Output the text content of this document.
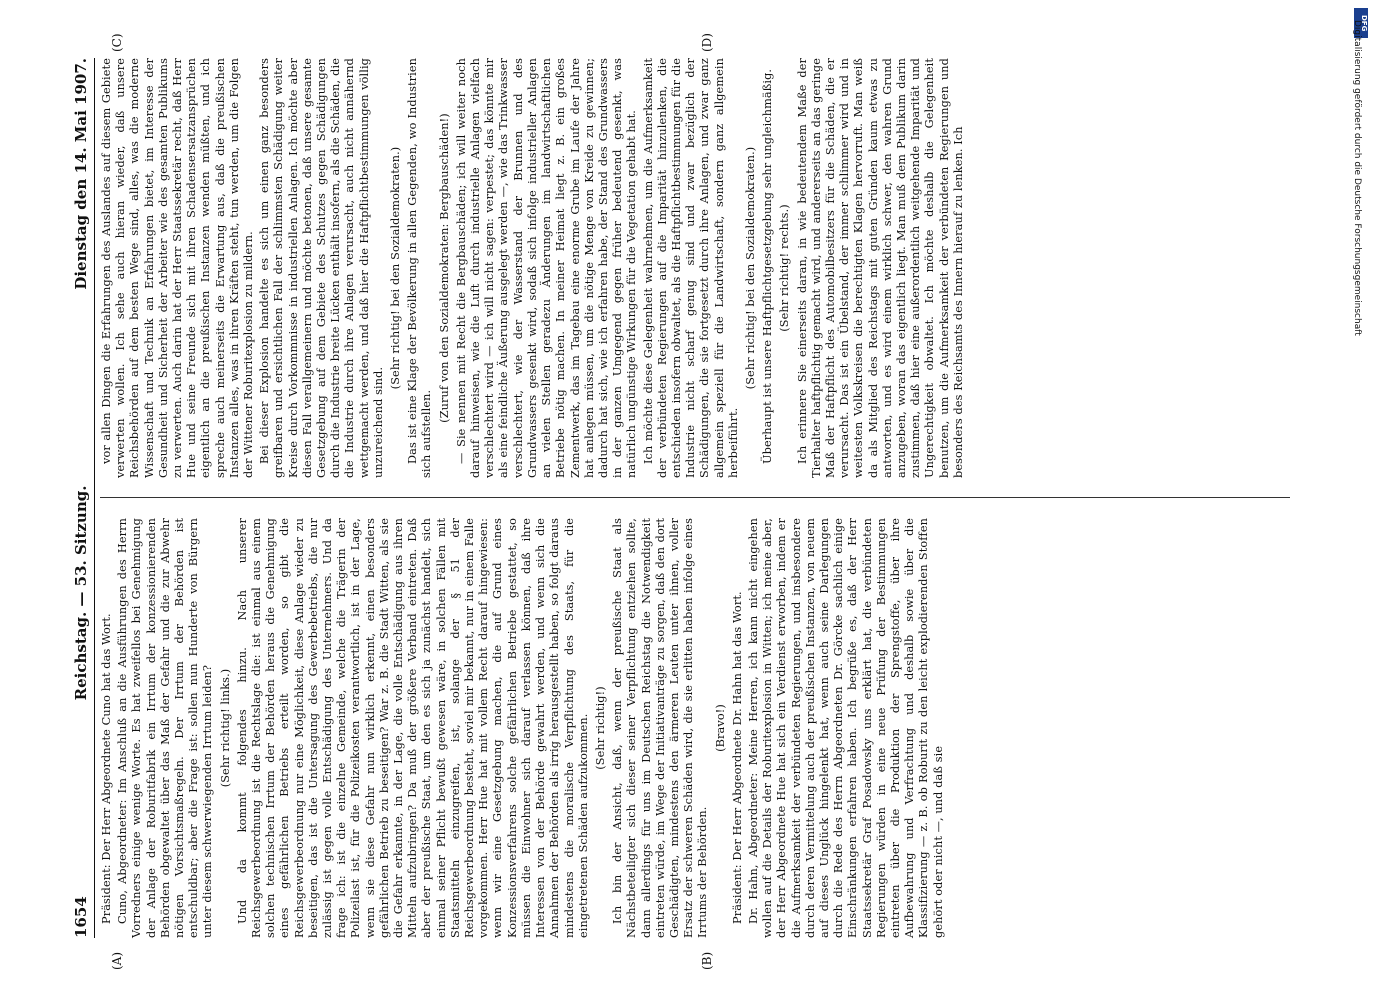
1654
Reichstag. — 53. Sitzung.
Dienstag den 14. Mai 1907.
(A)	(B)
(C)	(D)

Präsident: Der Herr Abgeordnete Cuno hat das Wort. Cuno, Abgeordneter: Im Anschluß an die Ausführungen des Herrn Vorredners einige wenige Worte. Es hat zweifellos bei Genehmigung der Anlage der Roburitfabrik ein Irrtum der konzessionierenden Behörden obgewaltet über das Maß der Gefahr und die zur Abwehr nötigen Vorsichtsmaßregeln. Der Irrtum der Behörden ist entschuldbar; aber die Frage ist: sollen nun Hunderte von Bürgern unter diesem schwerwiegenden Irrtum leiden? (Sehr richtig! links.) Und da kommt folgendes hinzu. Nach unserer Reichsgewerbeordnung ist die Rechtslage die: ist einmal aus einem solchen technischen Irrtum der Behörden heraus die Genehmigung eines gefährlichen Betriebs erteilt worden, so gibt die Reichsgewerbeordnung nur eine Möglichkeit, diese Anlage wieder zu beseitigen, das ist die Untersagung des Gewerbebetriebs, die nur zulässig ist gegen volle Entschädigung des Unternehmers. Und da frage ich: ist die einzelne Gemeinde, welche die Trägerin der Polizeilast ist, für die Polizeikosten verantwortlich, ist in der Lage, wenn sie diese Gefahr nun wirklich erkennt, einen besonders gefährlichen Betrieb zu beseitigen? War z. B. die Stadt Witten, als sie die Gefahr erkannte, in der Lage, die volle Entschädigung aus ihren Mitteln aufzubringen? Da muß der größere Verband eintreten. Daß aber der preußische Staat, um den es sich ja zunächst handelt, sich einmal seiner Pflicht bewußt gewesen wäre, in solchen Fällen mit Staatsmitteln einzugreifen, ist, solange der § 51 der Reichsgewerbeordnung besteht, soviel mir bekannt, nur in einem Falle vorgekommen. Herr Hue hat mit vollem Recht darauf hingewiesen: wenn wir eine Gesetzgebung machen, die auf Grund eines Konzessionsverfahrens solche gefährlichen Betriebe gestattet, so müssen die Einwohner sich darauf verlassen können, daß ihre Interessen von der Behörde gewahrt werden, und wenn sich die Annahmen der Behörden als irrig herausgestellt haben, so folgt daraus mindestens die moralische Verpflichtung des Staats, für die eingetretenen Schäden aufzukommen. (Sehr richtig!) Ich bin der Ansicht, daß, wenn der preußische Staat als Nächstbeteiligter sich dieser seiner Verpflichtung entziehen sollte, dann allerdings für uns im Deutschen Reichstag die Notwendigkeit eintreten würde, im Wege der Initiativanträge zu sorgen, daß den dort Geschädigten, mindestens den ärmeren Leuten unter ihnen, voller Ersatz der schweren Schäden wird, die sie erlitten haben infolge eines Irrtums der Behörden.

(Bravo!) Präsident: Der Herr Abgeordnete Dr. Hahn hat das Wort. Dr. Hahn, Abgeordneter: Meine Herren, ich kann nicht eingehen wollen auf die Details der Roburitexplosion in Witten; ich meine aber, der Herr Abgeordnete Hue hat sich ein Verdienst erworben, indem er die Aufmerksamkeit der verbündeten Regierungen, und insbesondere durch deren Vermittelung auch der preußischen Instanzen, von neuem auf dieses Unglück hingelenkt hat, wenn auch seine Darlegungen durch die Rede des Herrn Abgeordneten Dr. Görcke sachlich einige Einschränkungen erfahren haben. Ich begrüße es, daß der Herr Staatssekretär Graf Posadowsky uns erklärt hat, die verbündeten Regierungen würden in eine neue Prüfung der Bestimmungen eintreten über die Produktion der Sprengstoffe, über ihre Aufbewahrung und Verfrachtung und deshalb sowie über die Klassifizierung — z. B. ob Roburit zu den leicht explodierenden Stoffen gehört oder nicht —, und daß sie

vor allen Dingen die Erfahrungen des Auslandes auf diesem Gebiete verwerten wollen. Ich sehe auch hieran wieder, daß unsere Reichsbehörden auf dem besten Wege sind, alles, was die moderne Wissenschaft und Technik an Erfahrungen bietet, im Interesse der Gesundheit und Sicherheit der Arbeiter wie des gesamten Publikums zu verwerten. Auch darin hat der Herr Staatssekretär recht, daß Herr Hue und seine Freunde sich mit ihren Schadensersatzansprüchen eigentlich an die preußischen Instanzen wenden müßten, und ich spreche auch meinerseits die Erwartung aus, daß die preußischen Instanzen alles, was in ihren Kräften steht, tun werden, um die Folgen der Wittener Roburitexplosion zu mildern. Bei dieser Explosion handelte es sich um einen ganz besonders greifbaren und ersichtlichen Fall der schlimmsten Schädigung weiter Kreise durch Vorkommnisse in industriellen Anlagen. Ich möchte aber diesen Fall verallgemeinern und möchte betonen, daß unsere gesamte Gesetzgebung auf dem Gebiete des Schutzes gegen Schädigungen durch die Industrie breite Lücken enthält insofern, als die Schäden, die die Industrie durch ihre Anlagen verursacht, auch nicht annähernd wettgemacht werden, und daß hier die Haftpflichtbestimmungen völlig unzureichend sind.

(Sehr richtig! bei den Sozialdemokraten.) Das ist eine Klage der Bevölkerung in allen Gegenden, wo Industrien sich aufstellen.

(Zuruf von den Sozialdemokraten: Bergbauschäden!) — Sie nennen mit Recht die Bergbauschäden; ich will weiter noch darauf hinweisen, wie die Luft durch industrielle Anlagen vielfach verschlechtert wird — ich will nicht sagen: verpestet; das könnte mir als eine feindliche Äußerung ausgelegt werden —, wie das Trinkwasser verschlechtert, wie der Wasserstand der Brunnen und des Grundwassers gesenkt wird, sodaß sich infolge industrieller Anlagen an vielen Stellen geradezu Änderungen im landwirtschaftlichen Betriebe nötig machen. In meiner Heimat liegt z. B. ein großes Zementwerk, das im Tagebau eine enorme Grube im Laufe der Jahre hat anlegen müssen, um die nötige Menge von Kreide zu gewinnen; dadurch hat sich, wie ich erfahren habe, der Stand des Grundwassers in der ganzen Umgegend gegen früher bedeutend gesenkt, was natürlich ungünstige Wirkungen für die Vegetation gehabt hat. Ich möchte diese Gelegenheit wahrnehmen, um die Aufmerksamkeit der verbündeten Regierungen auf die Imparität hinzulenken, die entschieden insofern obwaltet, als die Haftpflichtbestimmungen für die Industrie nicht scharf genug sind und zwar bezüglich der Schädigungen, die sie fortgesetzt durch ihre Anlagen, und zwar ganz allgemein speziell für die Landwirtschaft, sondern ganz allgemein herbeiführt.

(Sehr richtig! bei den Sozialdemokraten.) Überhaupt ist unsere Haftpflichtgesetzgebung sehr ungleichmäßig. (Sehr richtig! rechts.) Ich erinnere Sie einerseits daran, in wie bedeutendem Maße der Tierhalter haftpflichtig gemacht wird, und andererseits an das geringe Maß der Haftpflicht des Automobilbesitzers für die Schäden, die er verursacht. Das ist ein Übelstand, der immer schlimmer wird und in weitesten Volkskreisen die berechtigten Klagen hervorruft. Man weiß da als Mitglied des Reichstags mit guten Gründen kaum etwas zu antworten, und es wird einem wirklich schwer, den wahren Grund anzugeben, woran das eigentlich liegt. Man muß dem Publikum darin zustimmen, daß hier eine außerordentlich weitgehende Imparität und Ungerechtigkeit obwaltet. Ich möchte deshalb die Gelegenheit benutzen, um die Aufmerksamkeit der verbündeten Regierungen und besonders des Reichsamts des Innern hierauf zu lenken. Ich

DFG
Digitalisierung gefördert durch die Deutsche Forschungsgemeinschaft
